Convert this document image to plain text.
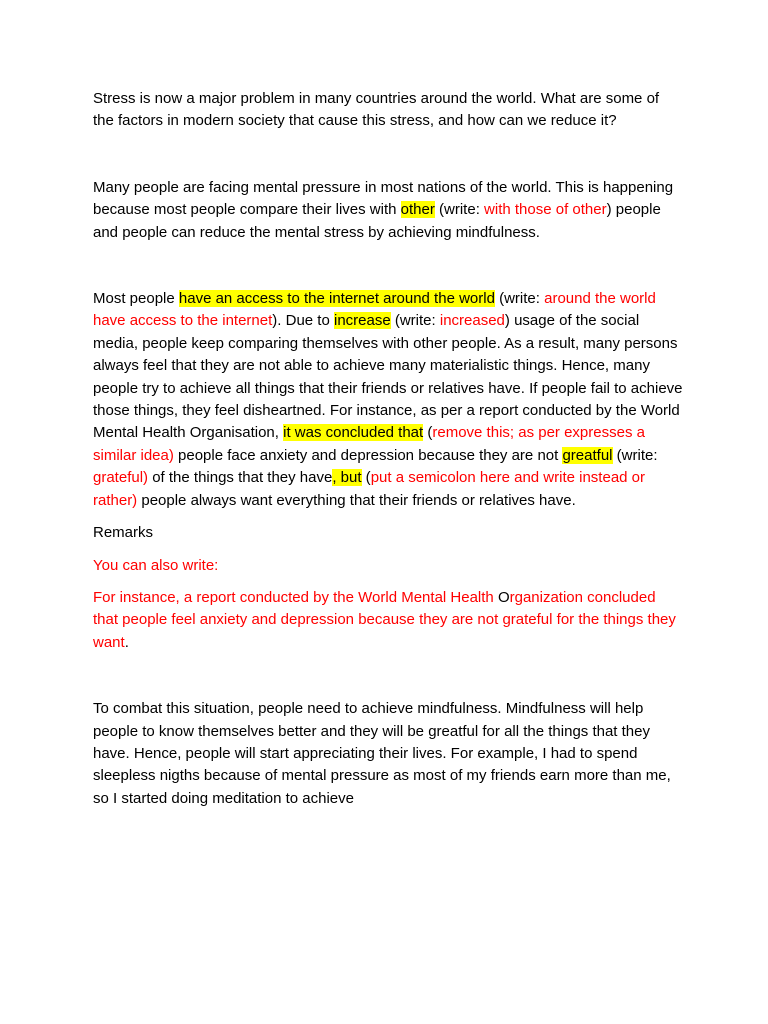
Stress is now a major problem in many countries around the world. What are some of the factors in modern society that cause this stress, and how can we reduce it?

Many people are facing mental pressure in most nations of the world. This is happening because most people compare their lives with other (write: with those of other) people and people can reduce the mental stress by achieving mindfulness.

Most people have an access to the internet around the world (write: around the world have access to the internet). Due to increase (write: increased) usage of the social media, people keep comparing themselves with other people. As a result, many persons always feel that they are not able to achieve many materialistic things. Hence, many people try to achieve all things that their friends or relatives have. If people fail to achieve those things, they feel disheartned. For instance, as per a report conducted by the World Mental Health Organisation, it was concluded that (remove this; as per expresses a similar idea) people face anxiety and depression because they are not greatful (write: grateful) of the things that they have, but (put a semicolon here and write instead or rather) people always want everything that their friends or relatives have.

Remarks

You can also write:

For instance, a report conducted by the World Mental Health Organization concluded that people feel anxiety and depression because they are not grateful for the things they want.

To combat this situation, people need to achieve mindfulness. Mindfulness will help people to know themselves better and they will be greatful for all the things that they have. Hence, people will start appreciating their lives. For example, I had to spend sleepless nigths because of mental pressure as most of my friends earn more than me, so I started doing meditation to achieve
